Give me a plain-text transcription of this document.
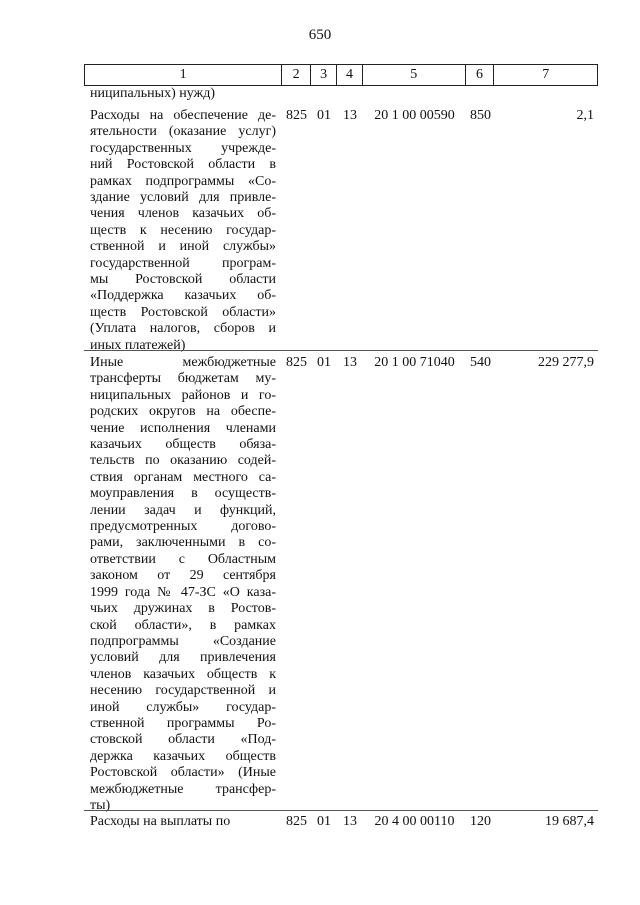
650
1	2	3	4	5	6	7
ниципальных) нужд)
Расходы на обеспечение де-
ятельности (оказание услуг)
государственных учрежде-
ний Ростовской области в
рамках подпрограммы «Со-
здание условий для привле-
чения членов казачьих об-
ществ к несению государ-
ственной и иной службы»
государственной програм-
мы Ростовской области
«Поддержка казачьих об-
ществ Ростовской области»
(Уплата налогов, сборов и
иных платежей)
825 01 13	20 1 00 00590	850	2,1
Иные межбюджетные
трансферты бюджетам му-
ниципальных районов и го-
родских округов на обеспе-
чение исполнения членами
казачьих обществ обяза-
тельств по оказанию содей-
ствия органам местного са-
моуправления в осуществ-
лении задач и функций,
предусмотренных догово-
рами, заключенными в со-
ответствии с Областным
законом от 29 сентября
1999 года № 47-ЗС «О каза-
чьих дружинах в Ростов-
ской области», в рамках
подпрограммы «Создание
условий для привлечения
членов казачьих обществ к
несению государственной и
иной службы» государ-
ственной программы Ро-
стовской области «Под-
держка казачьих обществ
Ростовской области» (Иные
межбюджетные трансфер-
ты)
825 01 13	20 1 00 71040	540	229 277,9
Расходы на выплаты по	825 01 13	20 4 00 00110	120	19 687,4
